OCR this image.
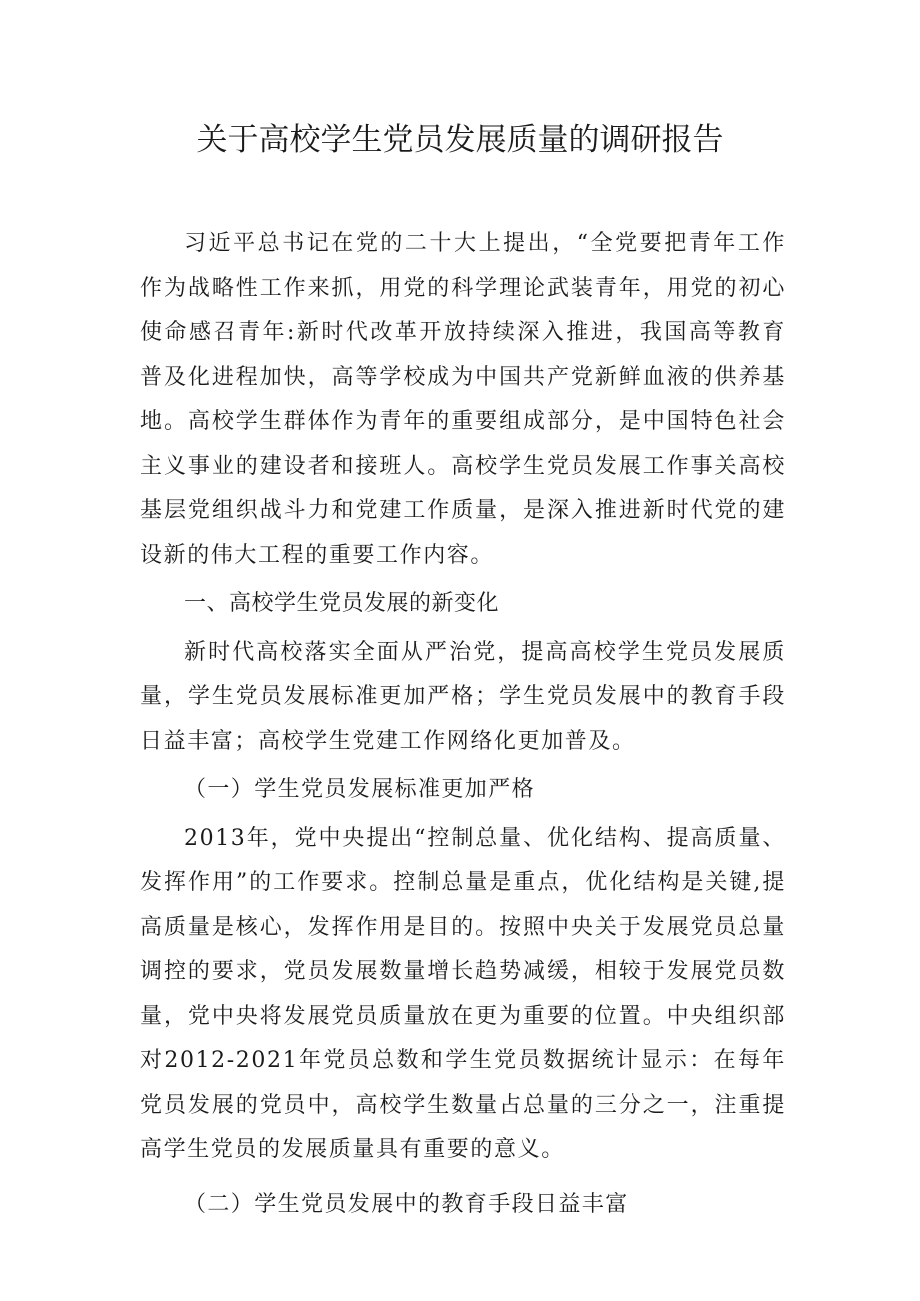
关于高校学生党员发展质量的调研报告

习近平总书记在党的二十大上提出，“全党要把青年工作作为战略性工作来抓，用党的科学理论武装青年，用党的初心使命感召青年:新时代改革开放持续深入推进，我国高等教育普及化进程加快，高等学校成为中国共产党新鲜血液的供养基地。高校学生群体作为青年的重要组成部分，是中国特色社会主义事业的建设者和接班人。高校学生党员发展工作事关高校基层党组织战斗力和党建工作质量，是深入推进新时代党的建设新的伟大工程的重要工作内容。

一、高校学生党员发展的新变化

新时代高校落实全面从严治党，提高高校学生党员发展质量，学生党员发展标准更加严格；学生党员发展中的教育手段日益丰富；高校学生党建工作网络化更加普及。

（一）学生党员发展标准更加严格

2013年，党中央提出“控制总量、优化结构、提高质量、发挥作用”的工作要求。控制总量是重点，优化结构是关键,提高质量是核心，发挥作用是目的。按照中央关于发展党员总量调控的要求，党员发展数量增长趋势减缓，相较于发展党员数量，党中央将发展党员质量放在更为重要的位置。中央组织部对2012-2021年党员总数和学生党员数据统计显示：在每年党员发展的党员中，高校学生数量占总量的三分之一，注重提高学生党员的发展质量具有重要的意义。

（二）学生党员发展中的教育手段日益丰富
